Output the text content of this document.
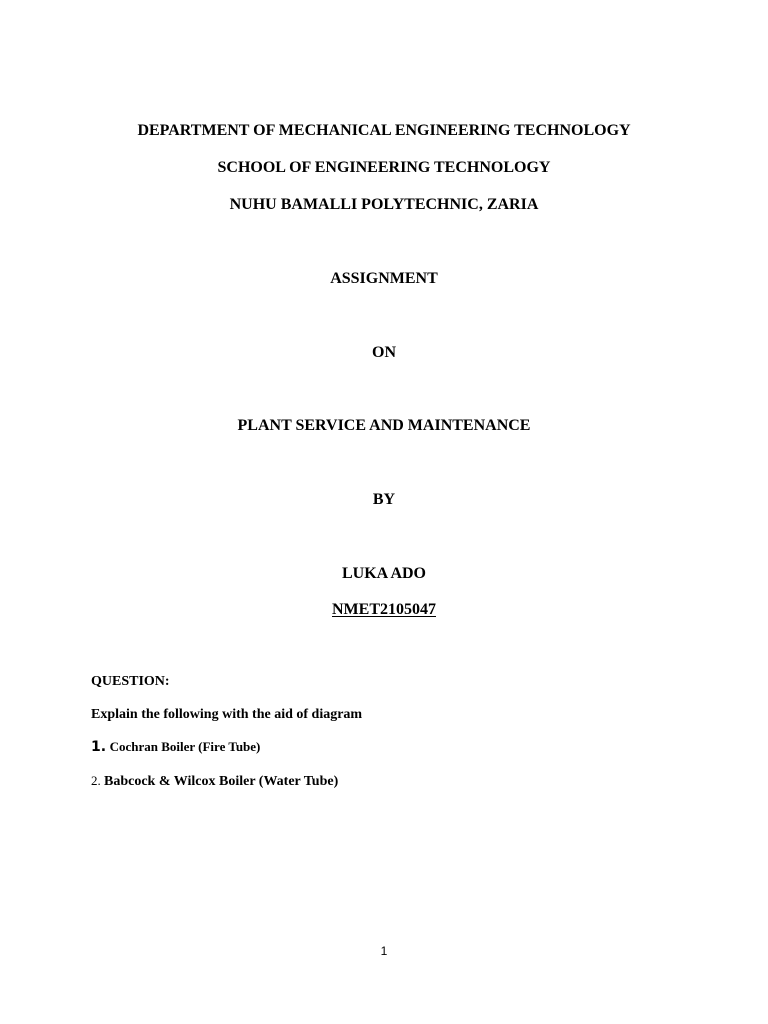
DEPARTMENT OF MECHANICAL ENGINEERING TECHNOLOGY
SCHOOL OF ENGINEERING TECHNOLOGY
NUHU BAMALLI POLYTECHNIC, ZARIA
ASSIGNMENT
ON
PLANT SERVICE AND MAINTENANCE
BY
LUKA ADO
NMET2105047
QUESTION:
Explain the following with the aid of diagram
1. Cochran Boiler (Fire Tube)
2. Babcock & Wilcox Boiler (Water Tube)
1
